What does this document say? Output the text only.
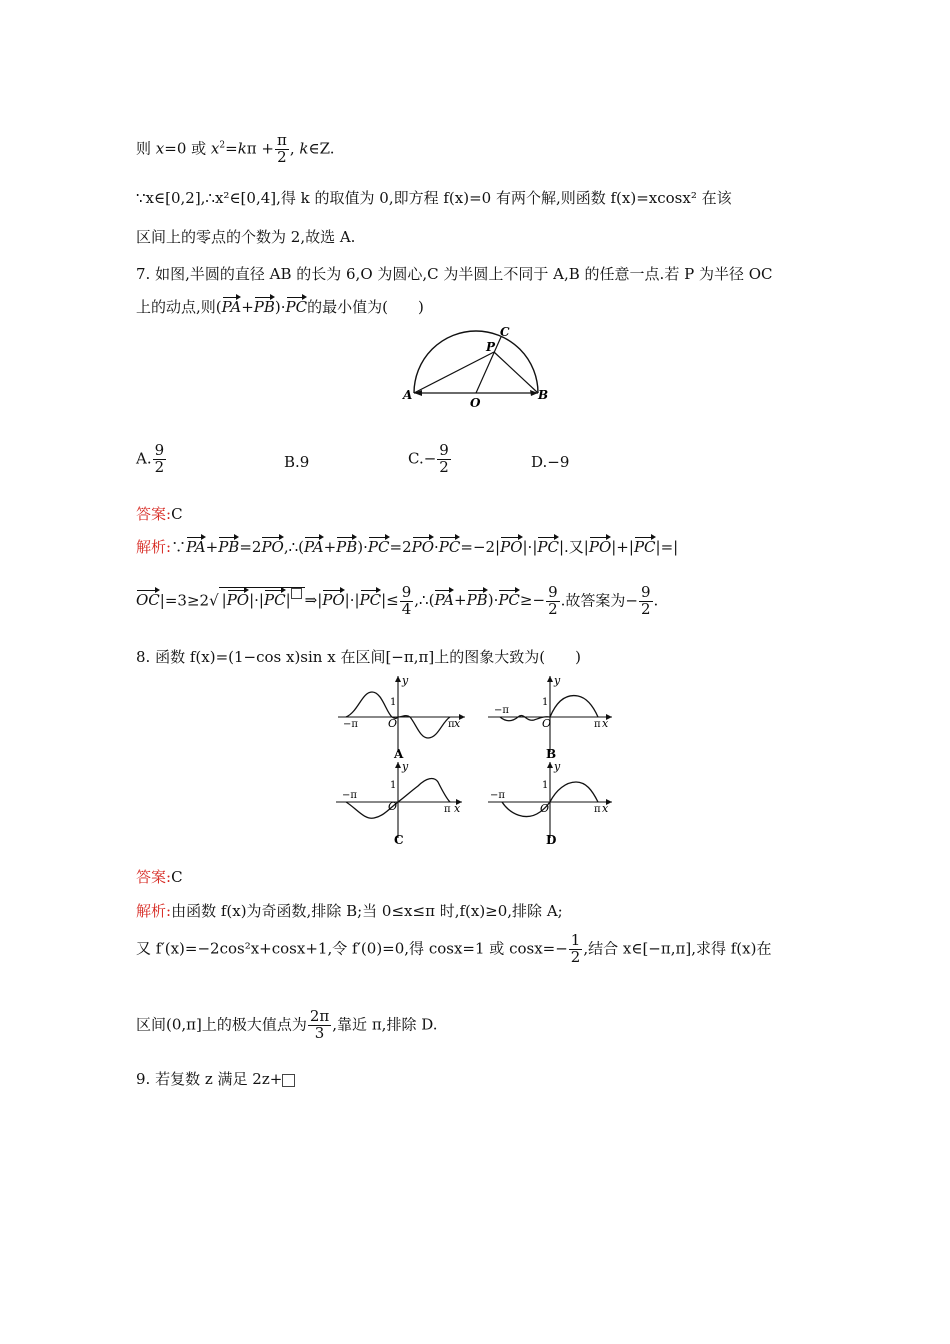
则 x=0 或 $x^2=k\pi + \frac{\pi}{2}$ , k∈Z.
∵x∈[0,2],∴x²∈[0,4],得 k 的取值为 0,即方程 f(x)=0 有两个解,则函数 f(x)=xcosx² 在该
区间上的零点的个数为 2,故选 A.
7. 如图,半圆的直径 AB 的长为 6,O 为圆心,C 为半圆上不同于 A,B 的任意一点.若 P 为半径 OC
上的动点,则(PA+PB)·PC的最小值为(　　)
A	B
O
C
P
A. $\frac{9}{2}$	B.9	$C.- \frac{9}{2}$	D.−9
答案:C
解析:∵PA+PB=2PO,∴(PA+PB)·PC=2PO·PC=−2|PO|·|PC|.又|PO|+|PC|=|
OC|=3≥2√ |PO|·|PC| ⇒|PO|·|PC|≤ $\frac{9}{4}$ ,∴(PA+PB)·PC≥− $\frac{9}{2}$ .故答案为− $\frac{9}{2}$ .
8. 函数 f(x)=(1−cos x)sin x 在区间[−π,π]上的图象大致为(　　)
−π	O
1
y
π x
A
−π
O
1
y
π x
B
−π
O
1
y
π x
C
−π
O
1
y
π x
D
答案:C
解析:由函数 f(x)为奇函数,排除 B;当 0≤x≤π 时,f(x)≥0,排除 A;
又 f′(x)=−2cos²x+cosx+1,令 f′(0)=0,得 cosx=1 或 $\cos x=- \frac{1}{2}$ ,结合 x∈[−π,π],求得 f(x)在
区间(0,π]上的极大值点为 $\frac{2\pi}{3}$ ,靠近 π,排除 D.
9. 若复数 z 满足 2z+
